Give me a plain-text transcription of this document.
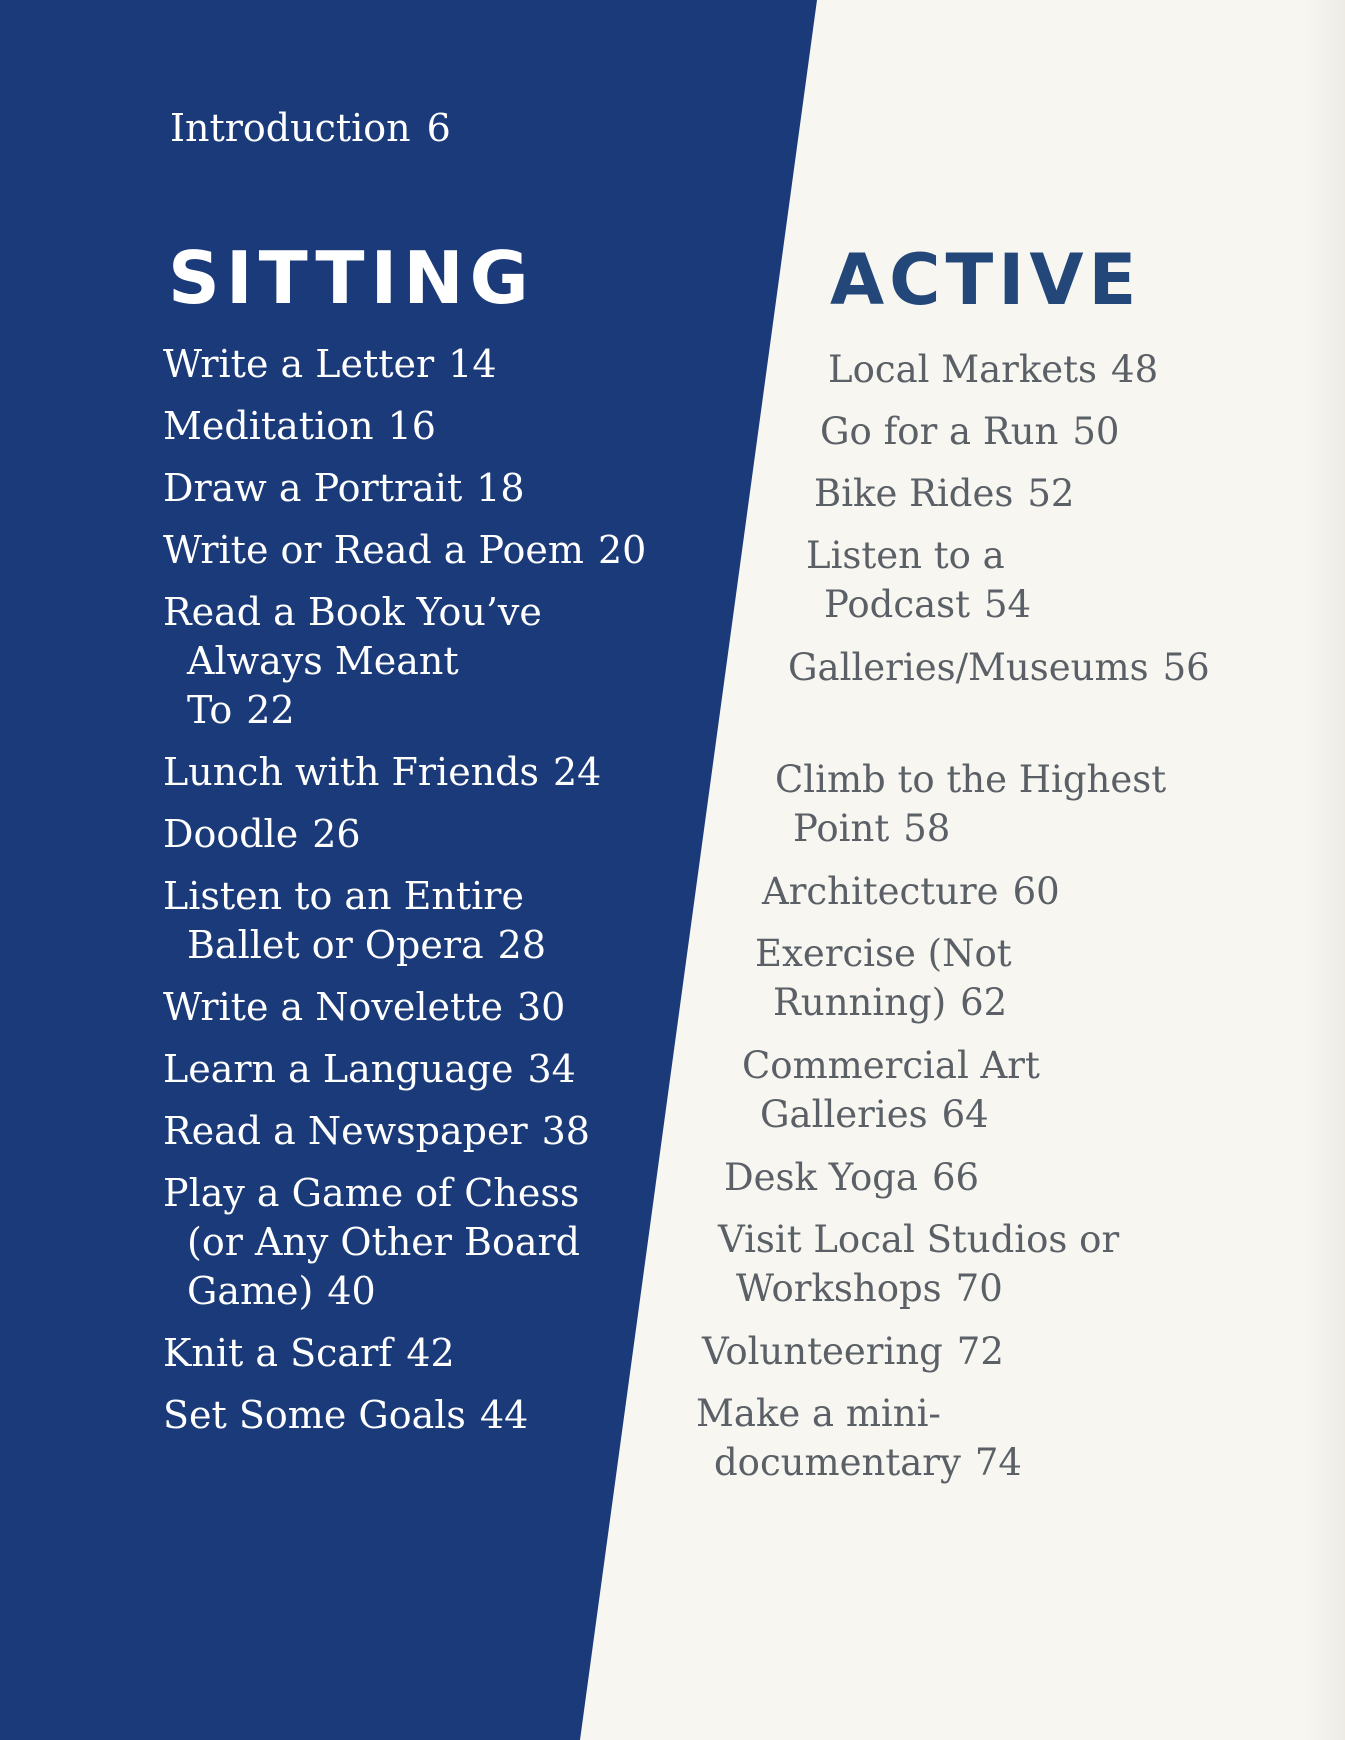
Introduction 6
SITTING
Write a Letter 14
Meditation 16
Draw a Portrait 18
Write or Read a Poem 20
Read a Book You’ve Always Meant To 22
Lunch with Friends 24
Doodle 26
Listen to an Entire Ballet or Opera 28
Write a Novelette 30
Learn a Language 34
Read a Newspaper 38
Play a Game of Chess (or Any Other Board Game) 40
Knit a Scarf 42
Set Some Goals 44
ACTIVE
Local Markets 48
Go for a Run 50
Bike Rides 52
Listen to a Podcast 54
Galleries/Museums 56
Climb to the Highest Point 58
Architecture 60
Exercise (Not Running) 62
Commercial Art Galleries 64
Desk Yoga 66
Visit Local Studios or Workshops 70
Volunteering 72
Make a mini-documentary 74
